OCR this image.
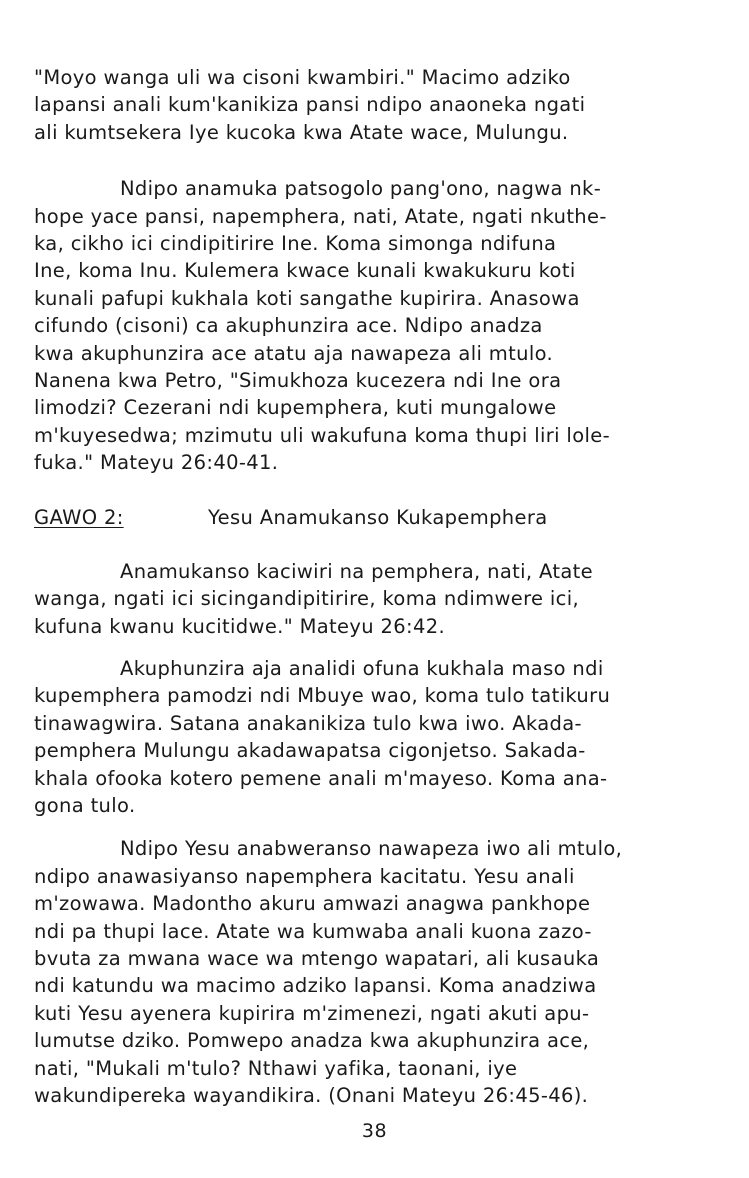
"Moyo wanga uli wa cisoni kwambiri." Macimo adziko
lapansi anali kum'kanikiza pansi ndipo anaoneka ngati
ali kumtsekera Iye kucoka kwa Atate wace, Mulungu.

Ndipo anamuka patsogolo pang'ono, nagwa nk-
hope yace pansi, napemphera, nati, Atate, ngati nkuthe-
ka, cikho ici cindipitirire Ine. Koma simonga ndifuna
Ine, koma Inu. Kulemera kwace kunali kwakukuru koti
kunali pafupi kukhala koti sangathe kupirira. Anasowa
cifundo (cisoni) ca akuphunzira ace. Ndipo anadza
kwa akuphunzira ace atatu aja nawapeza ali mtulo.
Nanena kwa Petro, "Simukhoza kucezera ndi Ine ora
limodzi? Cezerani ndi kupemphera, kuti mungalowe
m'kuyesedwa; mzimutu uli wakufuna koma thupi liri lole-
fuka." Mateyu 26:40-41.

GAWO 2:	Yesu Anamukanso Kukapemphera

Anamukanso kaciwiri na pemphera, nati, Atate
wanga, ngati ici sicingandipitirire, koma ndimwere ici,
kufuna kwanu kucitidwe." Mateyu 26:42.

Akuphunzira aja analidi ofuna kukhala maso ndi
kupemphera pamodzi ndi Mbuye wao, koma tulo tatikuru
tinawagwira. Satana anakanikiza tulo kwa iwo. Akada-
pemphera Mulungu akadawapatsa cigonjetso. Sakada-
khala ofooka kotero pemene anali m'mayeso. Koma ana-
gona tulo.

Ndipo Yesu anabweranso nawapeza iwo ali mtulo,
ndipo anawasiyanso napemphera kacitatu. Yesu anali
m'zowawa. Madontho akuru amwazi anagwa pankhope
ndi pa thupi lace. Atate wa kumwaba anali kuona zazo-
bvuta za mwana wace wa mtengo wapatari, ali kusauka
ndi katundu wa macimo adziko lapansi. Koma anadziwa
kuti Yesu ayenera kupirira m'zimenezi, ngati akuti apu-
lumutse dziko. Pomwepo anadza kwa akuphunzira ace,
nati, "Mukali m'tulo? Nthawi yafika, taonani, iye
wakundipereka wayandikira. (Onani Mateyu 26:45-46).

38
